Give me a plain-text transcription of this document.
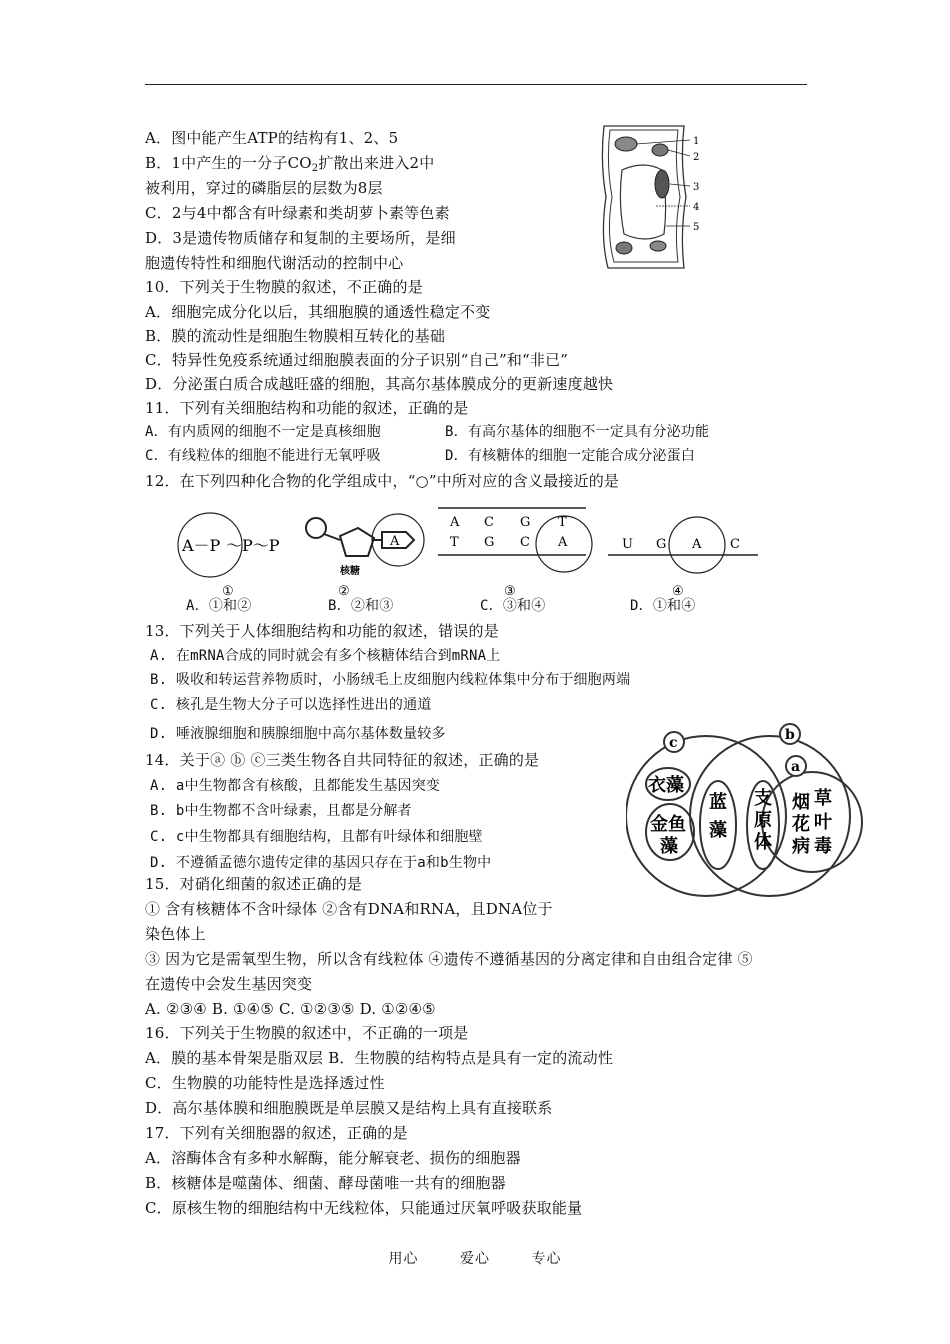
A．图中能产生ATP的结构有1、2、5
B．1中产生的一分子$CO_2$扩散出来进入2中
被利用，穿过的磷脂层的层数为8层
C．2与4中都含有叶绿素和类胡萝卜素等色素
D．3是遗传物质储存和复制的主要场所，是细
胞遗传特性和细胞代谢活动的控制中心
1
2
3
4
5
10．下列关于生物膜的叙述，不正确的是
A．细胞完成分化以后，其细胞膜的通透性稳定不变
B．膜的流动性是细胞生物膜相互转化的基础
C．特异性免疫系统通过细胞膜表面的分子识别“自己”和“非已”
D．分泌蛋白质合成越旺盛的细胞，其高尔基体膜成分的更新速度越快
11．下列有关细胞结构和功能的叙述，正确的是
A．有内质网的细胞不一定是真核细胞	B．有高尔基体的细胞不一定具有分泌功能
C．有线粒体的细胞不能进行无氧呼吸	D．有核糖体的细胞一定能合成分泌蛋白
12．在下列四种化合物的化学组成中，“○”中所对应的含义最接近的是
A－P ～P～P
①
A
核糖
②
A C G T
T G C A
③
U G A C
④
A．①和②	B．②和③	C．③和④	D．①和④
13．下列关于人体细胞结构和功能的叙述，错误的是
A. 在mRNA合成的同时就会有多个核糖体结合到mRNA上
B. 吸收和转运营养物质时，小肠绒毛上皮细胞内线粒体集中分布于细胞两端
C. 核孔是生物大分子可以选择性进出的通道
D. 唾液腺细胞和胰腺细胞中高尔基体数量较多
14．关于ⓐ ⓑ ⓒ三类生物各自共同特征的叙述，正确的是
A. a中生物都含有核酸，且都能发生基因突变
B. b中生物都不含叶绿素，且都是分解者
C. c中生物都具有细胞结构，且都有叶绿体和细胞壁
D. 不遵循孟德尔遗传定律的基因只存在于a和b生物中
c	b
a
衣藻
金鱼
藻
蓝
藻
支
原
体
烟 草
花 叶
病 毒
15．对硝化细菌的叙述正确的是
① 含有核糖体不含叶绿体 ②含有DNA和RNA，且DNA位于
染色体上
③ 因为它是需氧型生物，所以含有线粒体 ④遗传不遵循基因的分离定律和自由组合定律 ⑤
在遗传中会发生基因突变
A. ②③④ B. ①④⑤ C. ①②③⑤ D. ①②④⑤
16．下列关于生物膜的叙述中，不正确的一项是
A．膜的基本骨架是脂双层 B．生物膜的结构特点是具有一定的流动性
C．生物膜的功能特性是选择透过性
D．高尔基体膜和细胞膜既是单层膜又是结构上具有直接联系
17．下列有关细胞器的叙述，正确的是
A．溶酶体含有多种水解酶，能分解衰老、损伤的细胞器
B．核糖体是噬菌体、细菌、酵母菌唯一共有的细胞器
C．原核生物的细胞结构中无线粒体，只能通过厌氧呼吸获取能量
用心	爱心	专心
